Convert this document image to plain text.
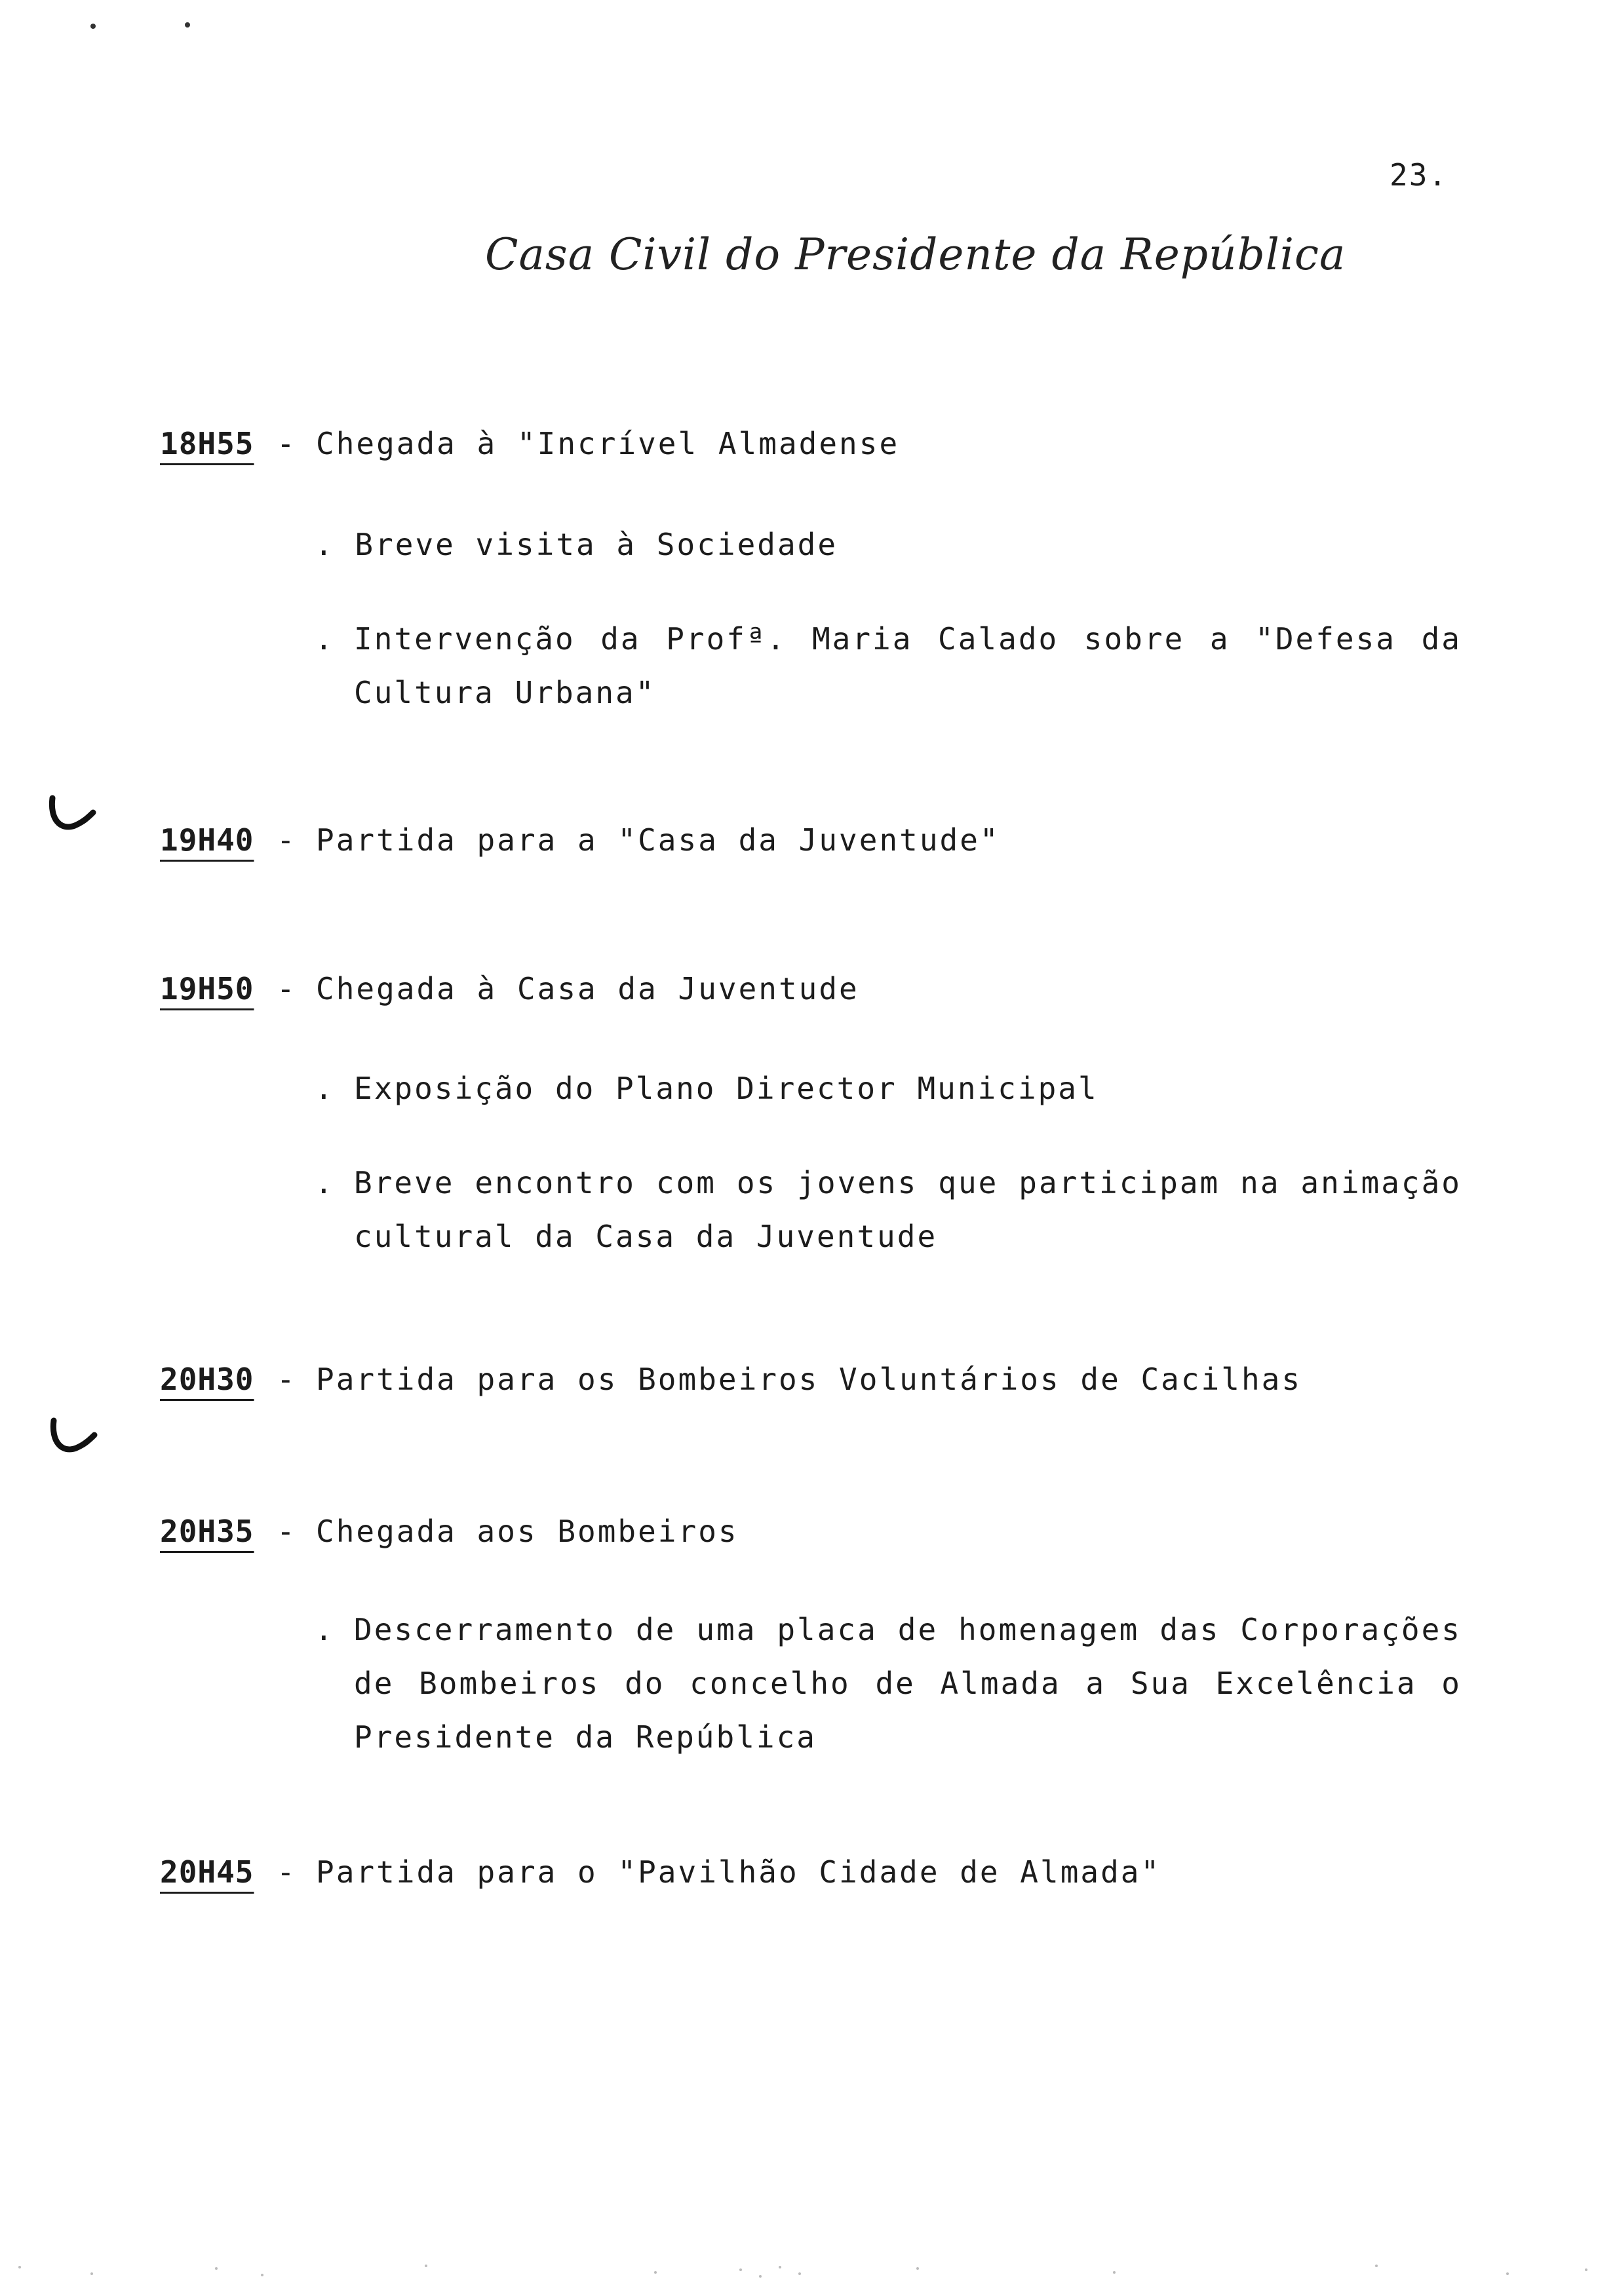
23.
Casa Civil do Presidente da República
18H55 - Chegada à "Incrível Almadense
. Breve visita à Sociedade
. Intervenção da Profª. Maria Calado sobre a "Defesa da Cultura Urbana"
19H40 - Partida para a "Casa da Juventude"
19H50 - Chegada à Casa da Juventude
. Exposição do Plano Director Municipal
. Breve encontro com os jovens que participam na animação cultural da Casa da Juventude
20H30 - Partida para os Bombeiros Voluntários de Cacilhas
20H35 - Chegada aos Bombeiros
. Descerramento de uma placa de homenagem das Corporações de Bombeiros do concelho de Almada a Sua Excelência o Presidente da República
20H45 - Partida para o "Pavilhão Cidade de Almada"
